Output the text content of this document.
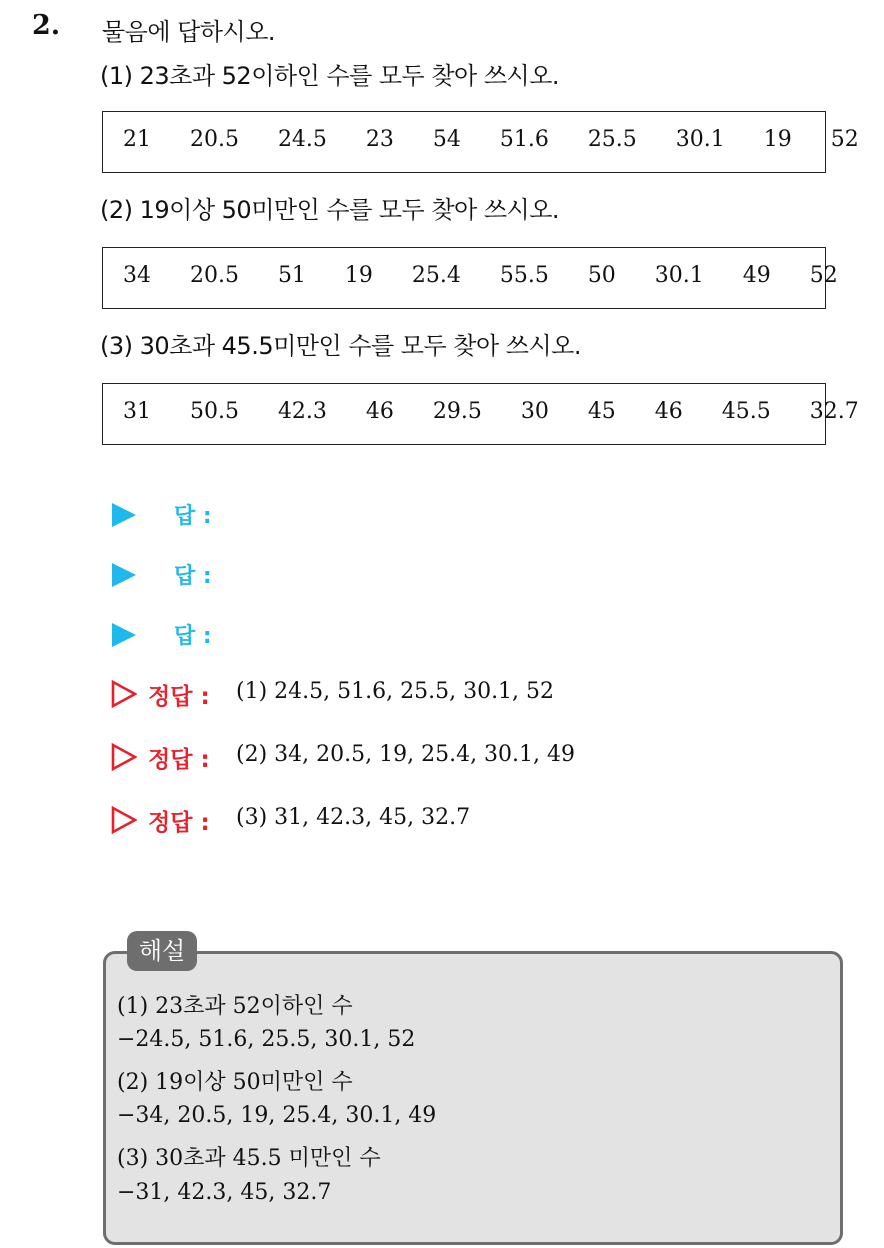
2. 물음에 답하시오.
(1) 23초과 52이하인 수를 모두 찾아 쓰시오.
21   20.5   24.5   23   54   51.6   25.5   30.1   19   52
(2) 19이상 50미만인 수를 모두 찾아 쓰시오.
34   20.5   51   19   25.4   55.5   50   30.1   49   52
(3) 30초과 45.5미만인 수를 모두 찾아 쓰시오.
31   50.5   42.3   46   29.5   30   45   46   45.5   32.7
답 :
답 :
답 :
정답 : (1) 24.5, 51.6, 25.5, 30.1, 52
정답 : (2) 34, 20.5, 19, 25.4, 30.1, 49
정답 : (3) 31, 42.3, 45, 32.7
해설
(1) 23초과 52이하인 수
−24.5, 51.6, 25.5, 30.1, 52
(2) 19이상 50미만인 수
−34, 20.5, 19, 25.4, 30.1, 49
(3) 30초과 45.5 미만인 수
−31, 42.3, 45, 32.7
